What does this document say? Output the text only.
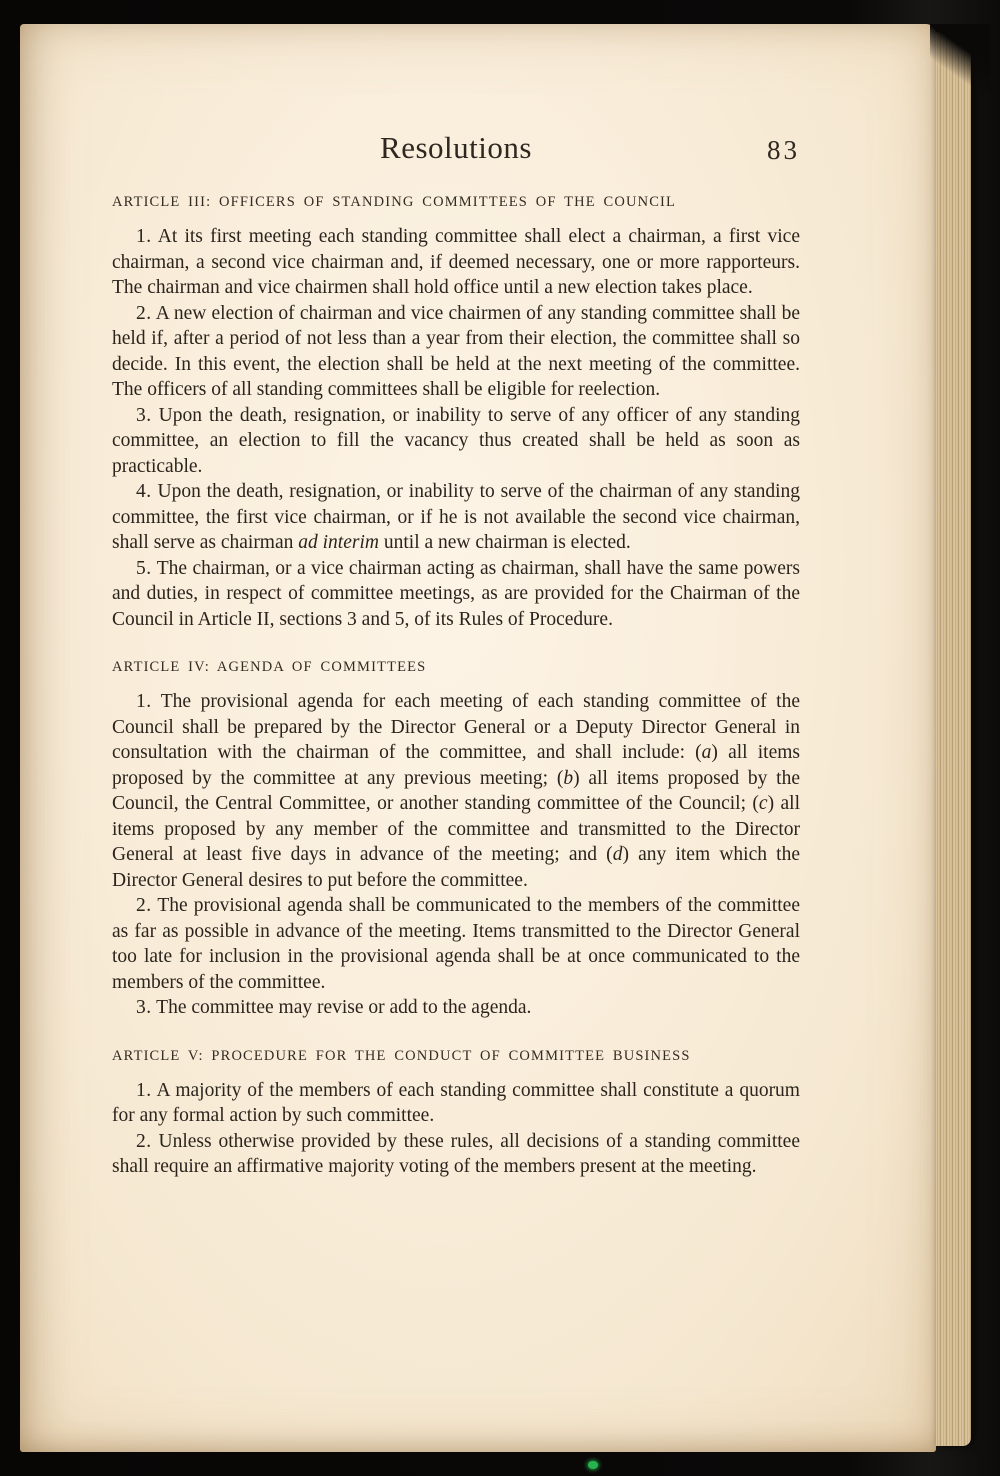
Resolutions	83
ARTICLE III: OFFICERS OF STANDING COMMITTEES OF THE COUNCIL

1. At its first meeting each standing committee shall elect a chairman, a first vice chairman, a second vice chairman and, if deemed necessary, one or more rapporteurs. The chairman and vice chairmen shall hold office until a new election takes place.

2. A new election of chairman and vice chairmen of any standing committee shall be held if, after a period of not less than a year from their election, the committee shall so decide. In this event, the election shall be held at the next meeting of the committee. The officers of all standing committees shall be eligible for reelection.

3. Upon the death, resignation, or inability to serve of any officer of any standing committee, an election to fill the vacancy thus created shall be held as soon as practicable.

4. Upon the death, resignation, or inability to serve of the chairman of any standing committee, the first vice chairman, or if he is not available the second vice chairman, shall serve as chairman ad interim until a new chairman is elected.

5. The chairman, or a vice chairman acting as chairman, shall have the same powers and duties, in respect of committee meetings, as are provided for the Chairman of the Council in Article II, sections 3 and 5, of its Rules of Procedure.

ARTICLE IV: AGENDA OF COMMITTEES

1. The provisional agenda for each meeting of each standing committee of the Council shall be prepared by the Director General or a Deputy Director General in consultation with the chairman of the committee, and shall include: (a) all items proposed by the committee at any previous meeting; (b) all items proposed by the Council, the Central Committee, or another standing committee of the Council; (c) all items proposed by any member of the committee and transmitted to the Director General at least five days in advance of the meeting; and (d) any item which the Director General desires to put before the committee.

2. The provisional agenda shall be communicated to the members of the committee as far as possible in advance of the meeting. Items transmitted to the Director General too late for inclusion in the provisional agenda shall be at once communicated to the members of the committee.

3. The committee may revise or add to the agenda.

ARTICLE V: PROCEDURE FOR THE CONDUCT OF COMMITTEE BUSINESS

1. A majority of the members of each standing committee shall constitute a quorum for any formal action by such committee.

2. Unless otherwise provided by these rules, all decisions of a standing committee shall require an affirmative majority voting of the members present at the meeting.
